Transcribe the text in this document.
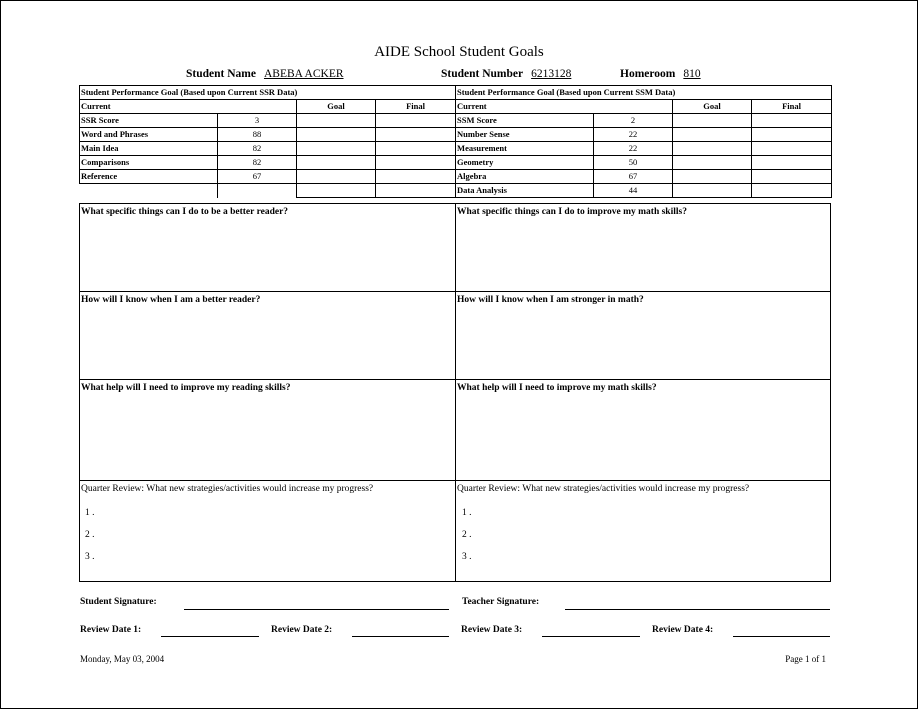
AIDE School Student Goals
Student Name ABEBA ACKER	Student Number 6213128	Homeroom 810
Student Performance Goal (Based upon Current SSR Data)				Student Performance Goal (Based upon Current SSM Data)			
Current		Goal	Final	Current		Goal	Final
SSR Score	3			SSM Score	2		
Word and Phrases	88			Number Sense	22		
Main Idea	82			Measurement	22		
Comparisons	82			Geometry	50		
Reference	67			Algebra	67		
				Data Analysis	44		
What specific things can I do to be a better reader?	What specific things can I do to improve my math skills?
How will I know when I am a better reader?	How will I know when I am stronger in math?
What help will I need to improve my reading skills?	What help will I need to improve my math skills?
Quarter Review: What new strategies/activities would increase my progress?	Quarter Review: What new strategies/activities would increase my progress?
1 .
2 .
3 .
1 .
2 .
3 .
Student Signature:	Teacher Signature:
Review Date 1:	Review Date 2:	Review Date 3:	Review Date 4:
Monday, May 03, 2004	Page 1 of 1
